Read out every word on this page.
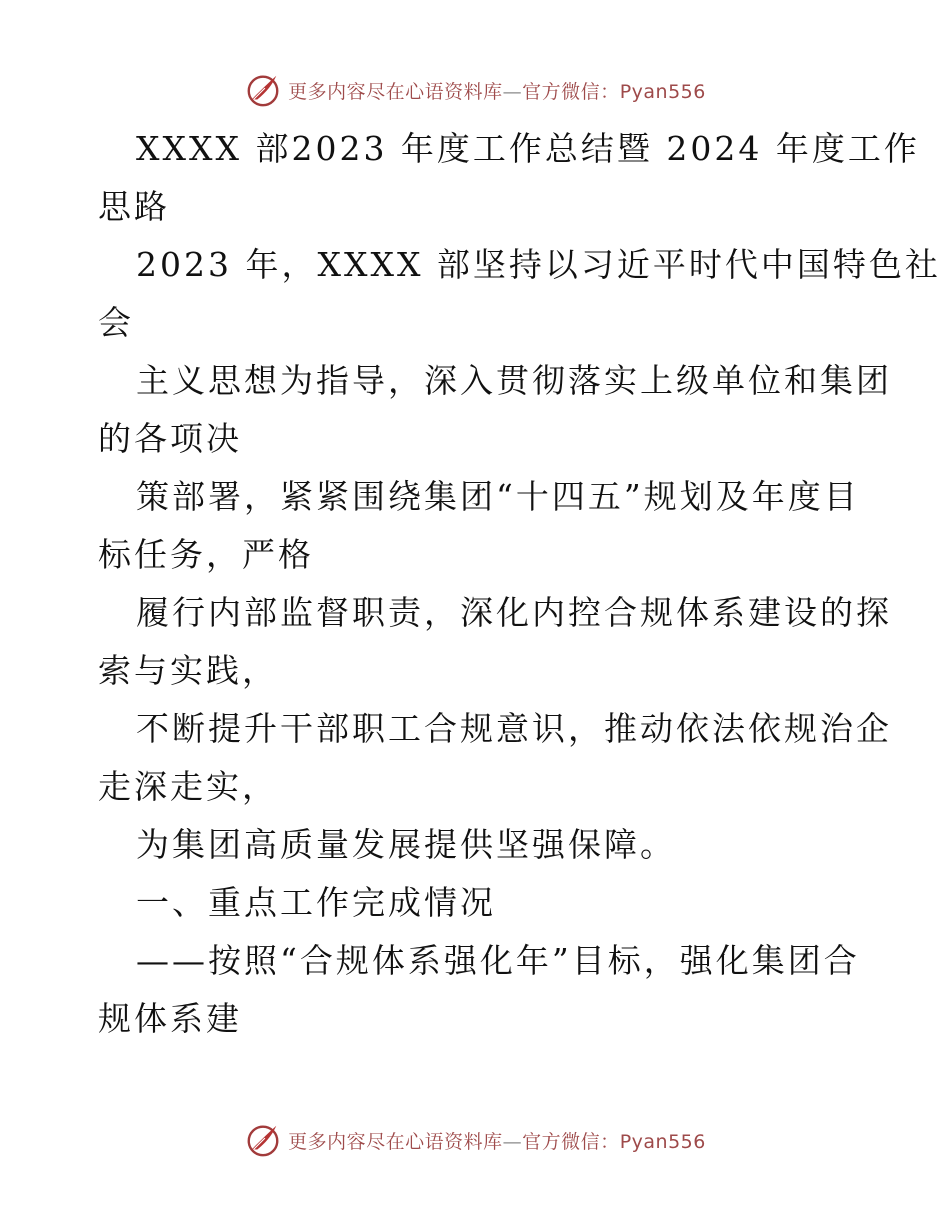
更多内容尽在心语资料库—官方微信：Pyan556

XXXX 部2023 年度工作总结暨 2024 年度工作
思路

2023 年，XXXX 部坚持以习近平时代中国特色社
会

主义思想为指导，深入贯彻落实上级单位和集团
的各项决

策部署，紧紧围绕集团“十四五”规划及年度目
标任务，严格

履行内部监督职责，深化内控合规体系建设的探
索与实践，

不断提升干部职工合规意识，推动依法依规治企
走深走实，

为集团高质量发展提供坚强保障。

一、重点工作完成情况

——按照“合规体系强化年”目标，强化集团合
规体系建

更多内容尽在心语资料库—官方微信：Pyan556
